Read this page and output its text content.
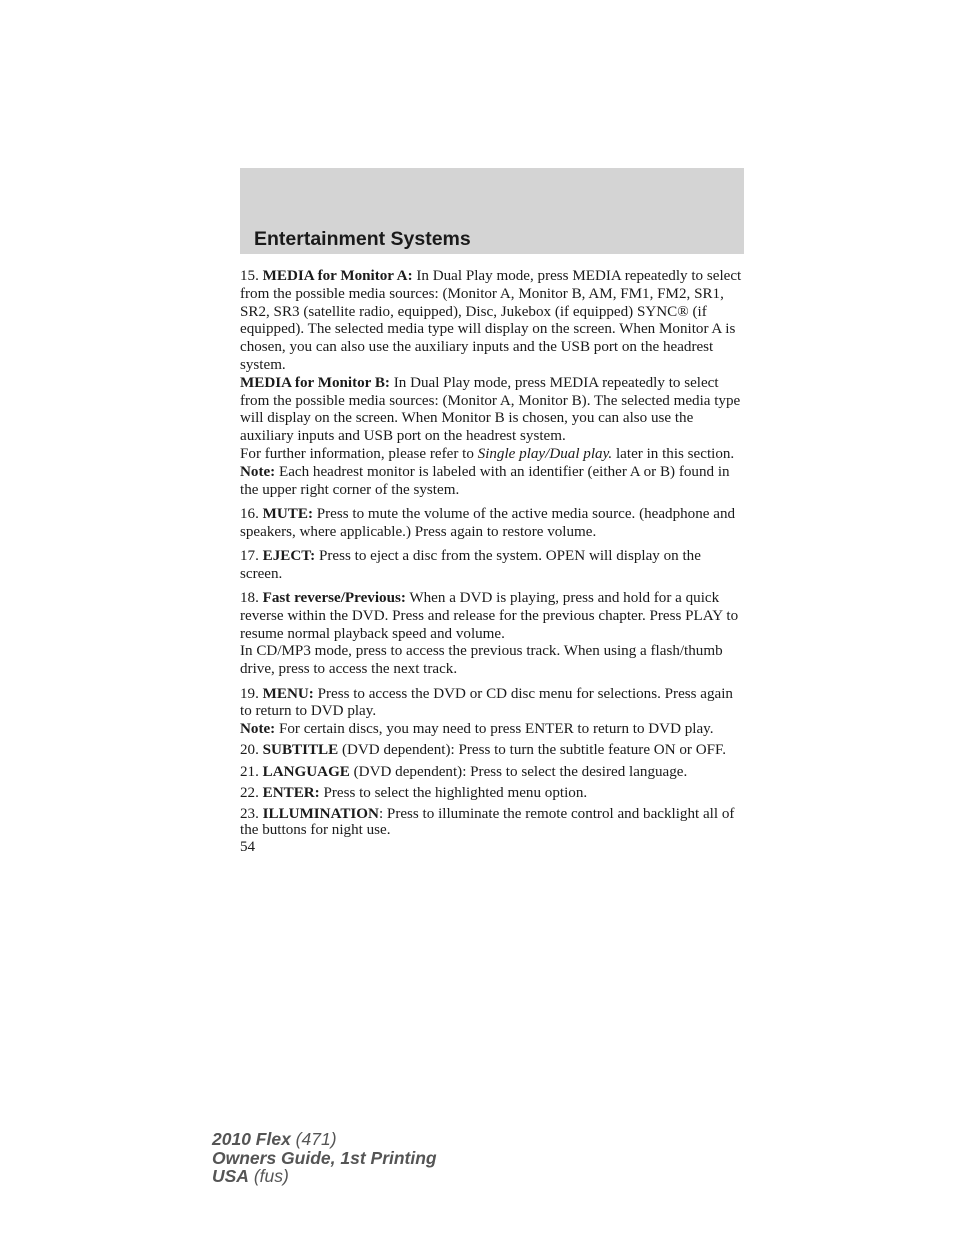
Entertainment Systems

15. MEDIA for Monitor A: In Dual Play mode, press MEDIA repeatedly to select from the possible media sources: (Monitor A, Monitor B, AM, FM1, FM2, SR1, SR2, SR3 (satellite radio, equipped), Disc, Jukebox (if equipped) SYNC® (if equipped). The selected media type will display on the screen. When Monitor A is chosen, you can also use the auxiliary inputs and the USB port on the headrest system.

MEDIA for Monitor B: In Dual Play mode, press MEDIA repeatedly to select from the possible media sources: (Monitor A, Monitor B). The selected media type will display on the screen. When Monitor B is chosen, you can also use the auxiliary inputs and USB port on the headrest system.

For further information, please refer to Single play/Dual play. later in this section.

Note: Each headrest monitor is labeled with an identifier (either A or B) found in the upper right corner of the system.

16. MUTE: Press to mute the volume of the active media source. (headphone and speakers, where applicable.) Press again to restore volume.

17. EJECT: Press to eject a disc from the system. OPEN will display on the screen.

18. Fast reverse/Previous: When a DVD is playing, press and hold for a quick reverse within the DVD. Press and release for the previous chapter. Press PLAY to resume normal playback speed and volume.

In CD/MP3 mode, press to access the previous track. When using a flash/thumb drive, press to access the next track.

19. MENU: Press to access the DVD or CD disc menu for selections. Press again to return to DVD play.

Note: For certain discs, you may need to press ENTER to return to DVD play.

20. SUBTITLE (DVD dependent): Press to turn the subtitle feature ON or OFF.

21. LANGUAGE (DVD dependent): Press to select the desired language.

22. ENTER: Press to select the highlighted menu option.

23. ILLUMINATION: Press to illuminate the remote control and backlight all of the buttons for night use.

54

2010 Flex (471)
Owners Guide, 1st Printing
USA (fus)
